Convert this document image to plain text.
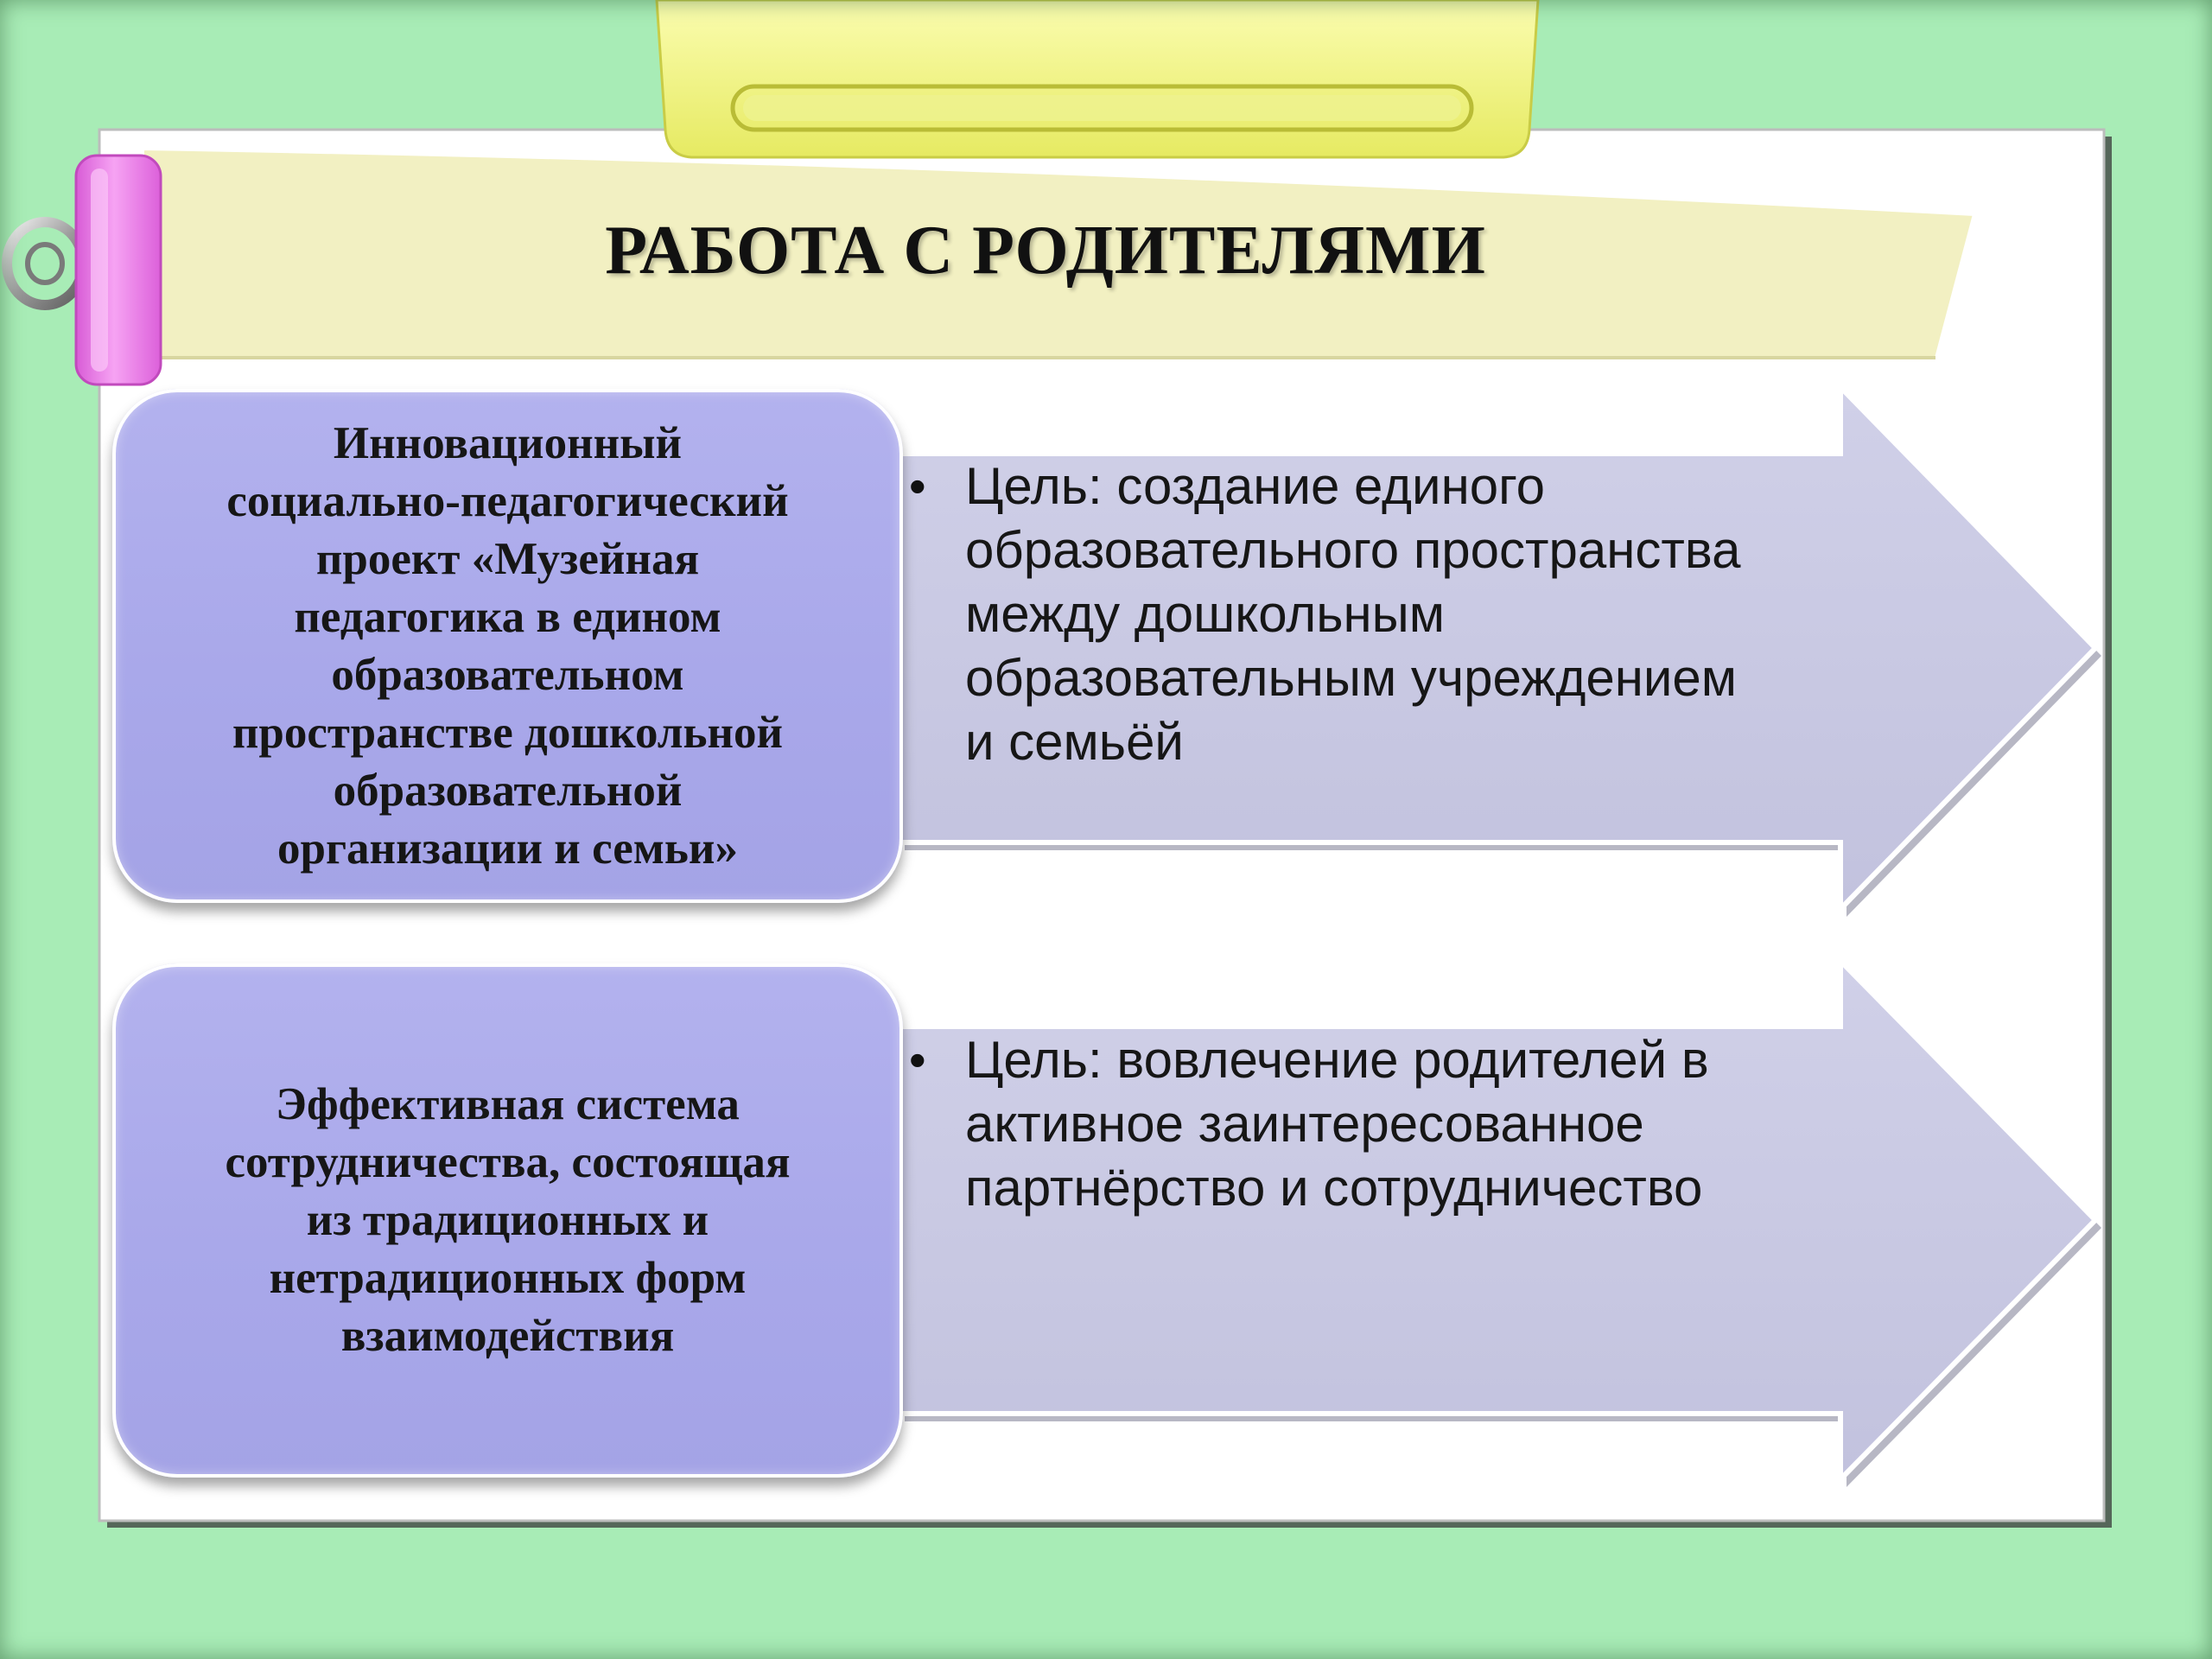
РАБОТА С РОДИТЕЛЯМИ
Инновационный
социально-педагогический
проект «Музейная
педагогика в едином
образовательном
пространстве дошкольной
образовательной
организации и семьи»
• Цель: создание единого
образовательного пространства
между дошкольным
образовательным учреждением
и семьёй
Эффективная система
сотрудничества, состоящая
из традиционных и
нетрадиционных форм
взаимодействия
• Цель: вовлечение родителей в
активное заинтересованное
партнёрство и сотрудничество
